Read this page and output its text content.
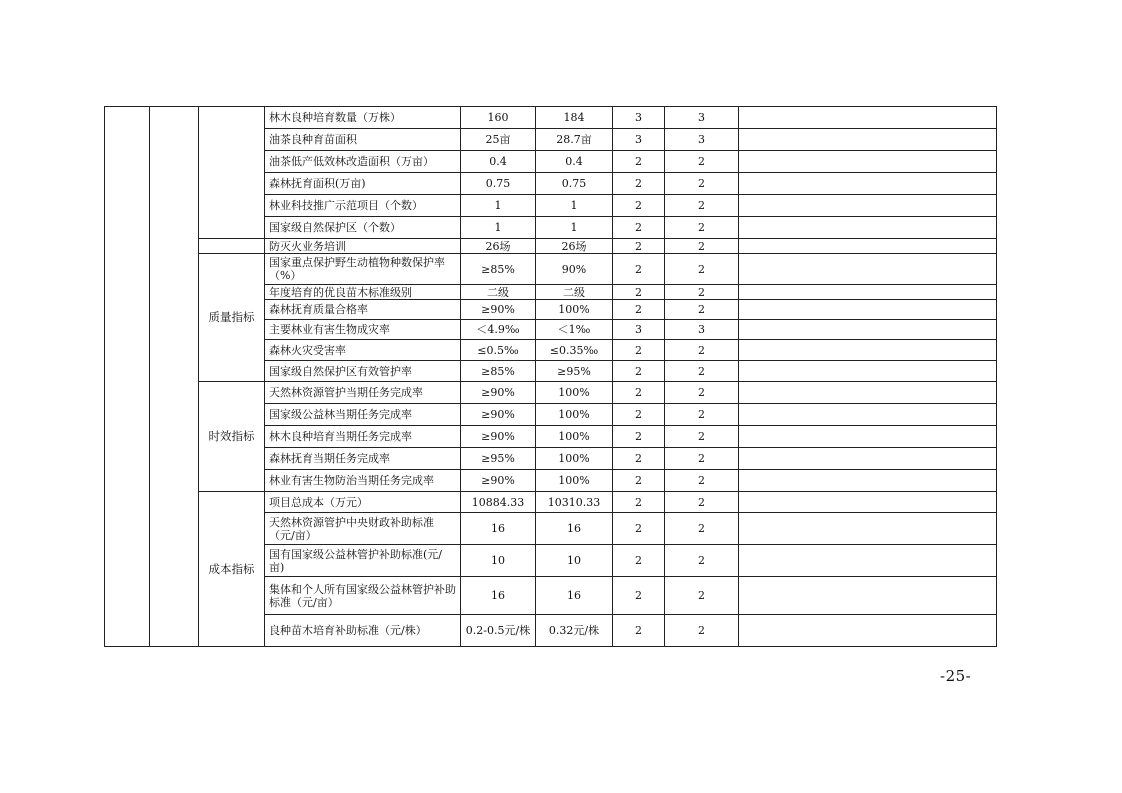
			林木良种培育数量（万株）	160	184	3	3	
			油茶良种育苗面积	25亩	28.7亩	3	3	
			油茶低产低效林改造面积（万亩）	0.4	0.4	2	2	
			森林抚育面积(万亩)	0.75	0.75	2	2	
			林业科技推广示范项目（个数）	1	1	2	2	
			国家级自然保护区（个数）	1	1	2	2	
			防灭火业务培训	26场	26场	2	2	
		质量指标	国家重点保护野生动植物种数保护率（%）	≥85%	90%	2	2	
			年度培育的优良苗木标准级别	二级	二级	2	2	
			森林抚育质量合格率	≥90%	100%	2	2	
			主要林业有害生物成灾率	＜4.9‰	＜1‰	3	3	
			森林火灾受害率	≤0.5‰	≤0.35‰	2	2	
			国家级自然保护区有效管护率	≥85%	≥95%	2	2	
		时效指标	天然林资源管护当期任务完成率	≥90%	100%	2	2	
			国家级公益林当期任务完成率	≥90%	100%	2	2	
			林木良种培育当期任务完成率	≥90%	100%	2	2	
			森林抚育当期任务完成率	≥95%	100%	2	2	
			林业有害生物防治当期任务完成率	≥90%	100%	2	2	
		成本指标	项目总成本（万元）	10884.33	10310.33	2	2	
			天然林资源管护中央财政补助标准（元/亩）	16	16	2	2	
			国有国家级公益林管护补助标准(元/亩)	10	10	2	2	
			集体和个人所有国家级公益林管护补助标准（元/亩）	16	16	2	2	
			良种苗木培育补助标准（元/株）	0.2-0.5元/株	0.32元/株	2	2	
-25-
